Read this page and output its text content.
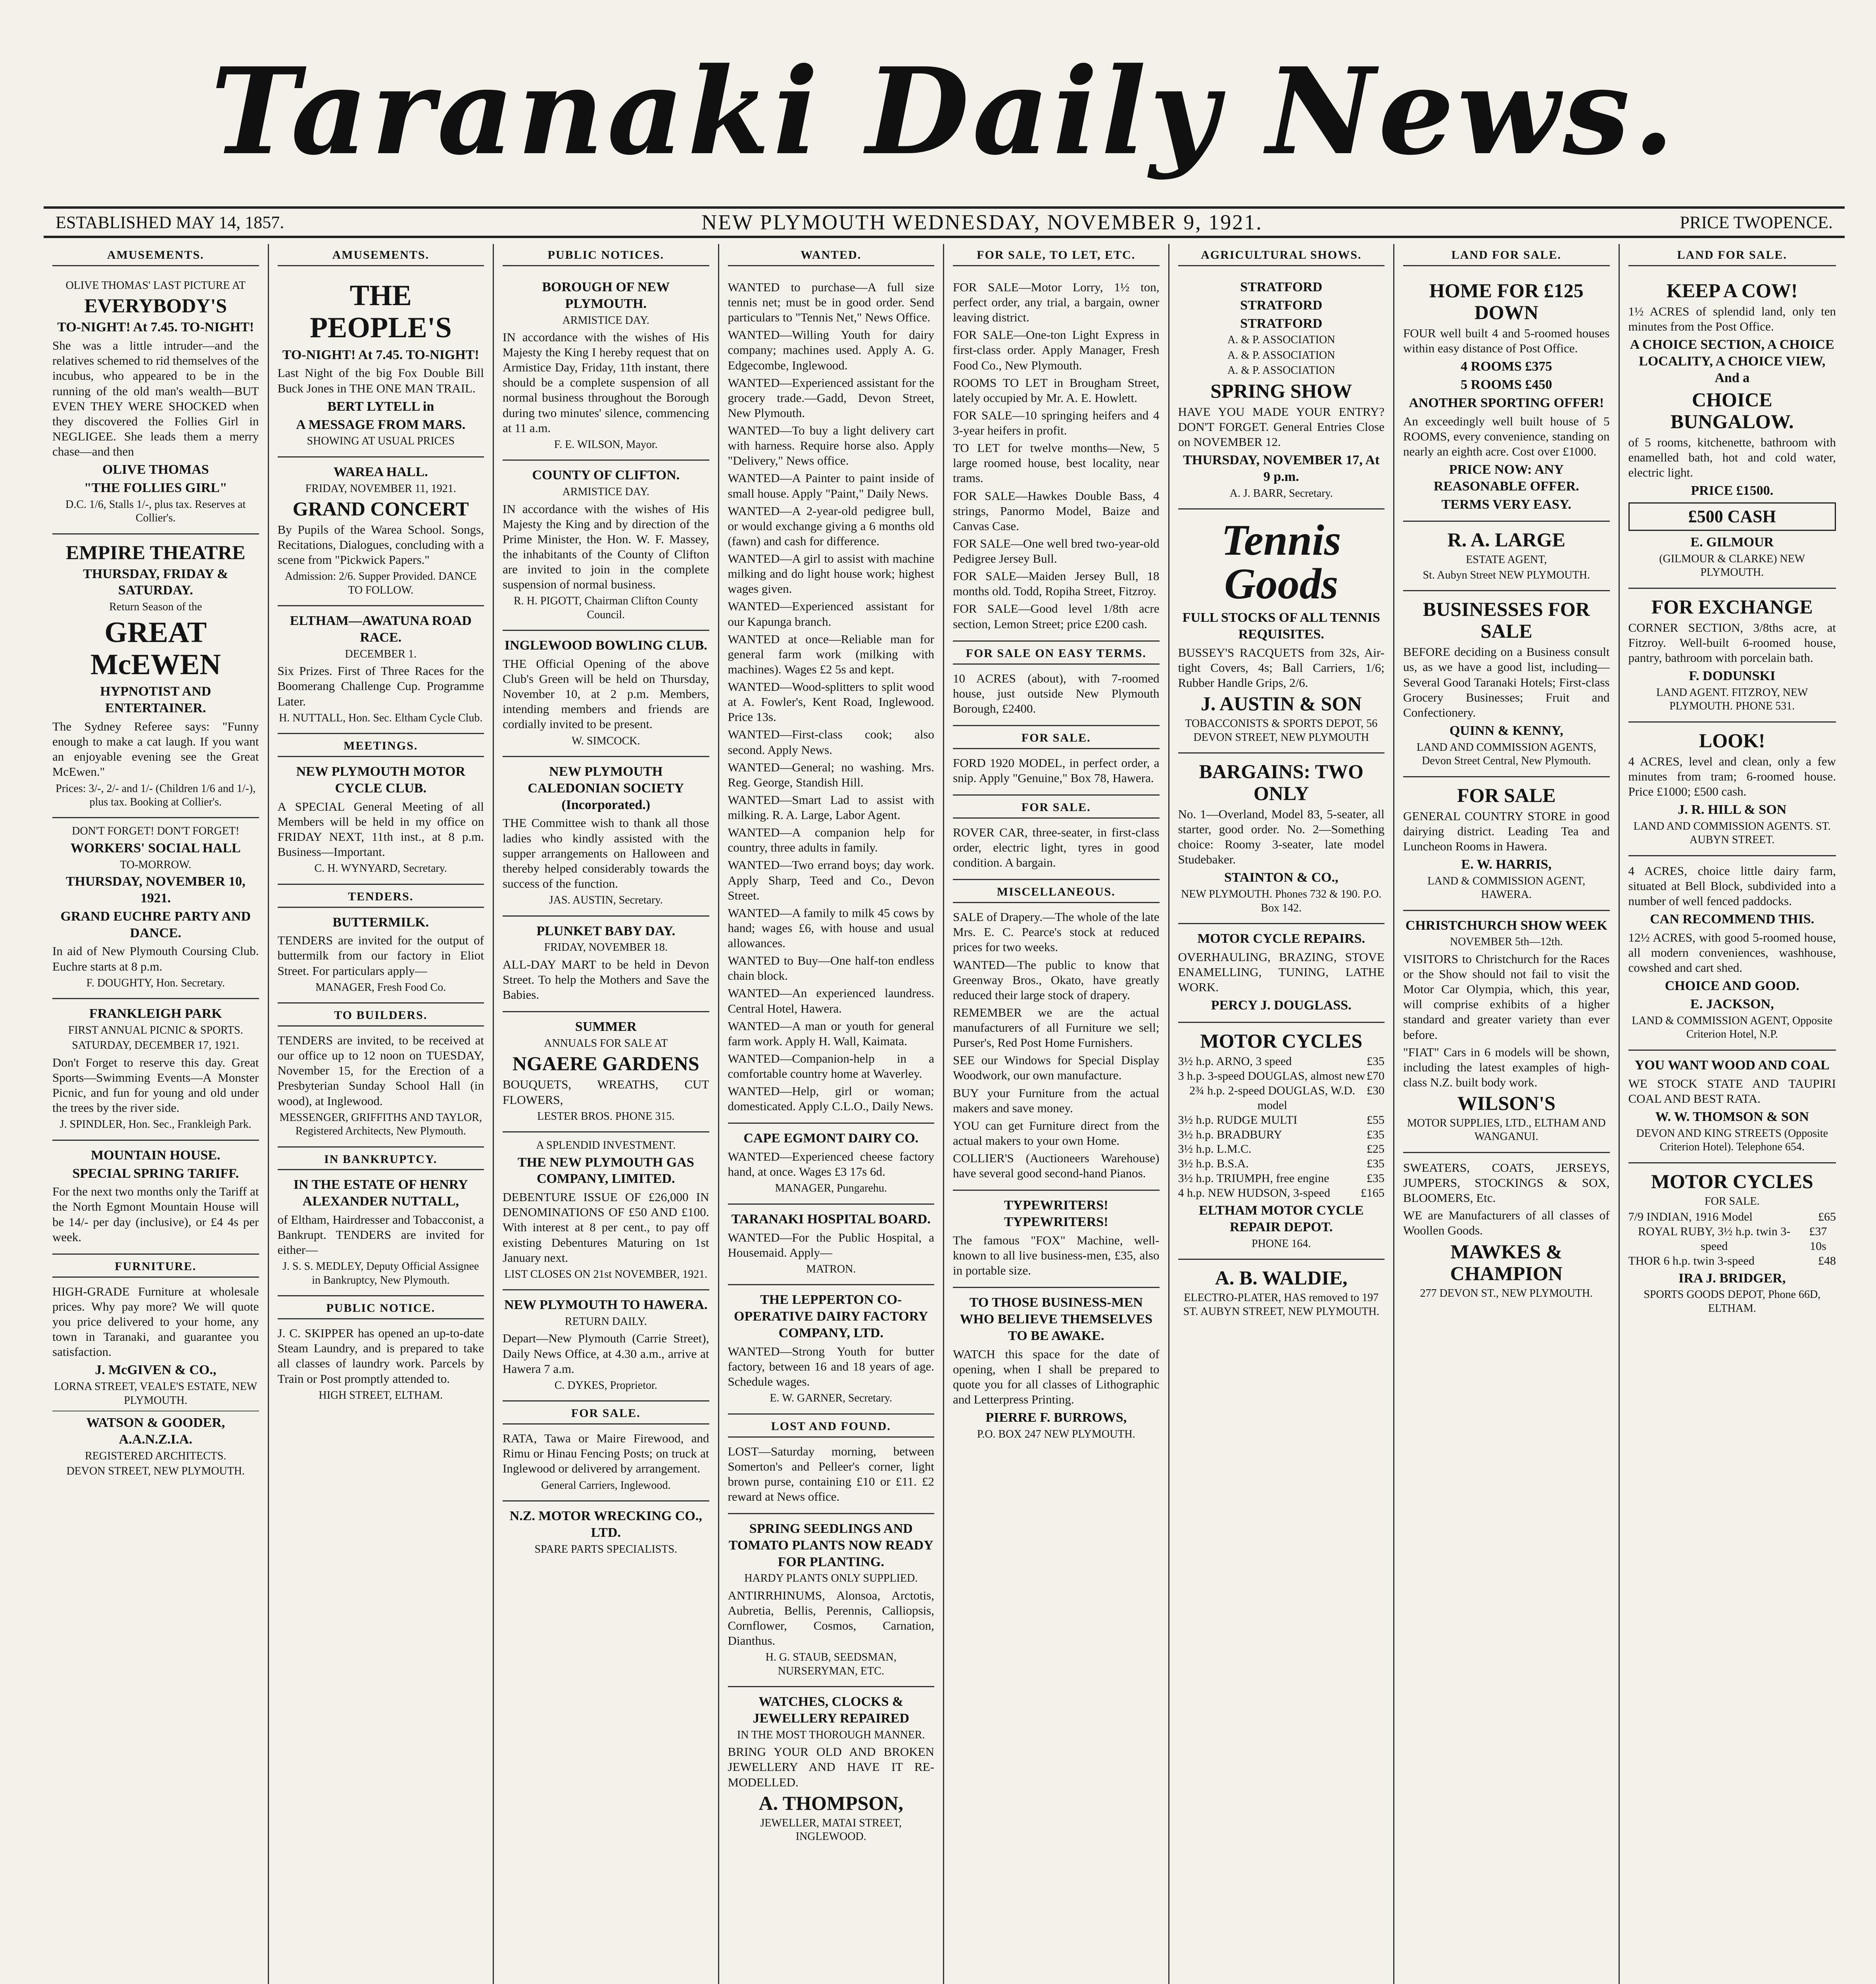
Taranaki Daily News.
ESTABLISHED MAY 14, 1857.	NEW PLYMOUTH WEDNESDAY, NOVEMBER 9, 1921.	PRICE TWOPENCE.
AMUSEMENTS.
OLIVE THOMAS' LAST PICTURE AT
EVERYBODY'S
TO-NIGHT! At 7.45. TO-NIGHT!
She was a little intruder—and the relatives schemed to rid themselves of the incubus, who appeared to be in the running of the old man's wealth—BUT EVEN THEY WERE SHOCKED when they discovered the Follies Girl in NEGLIGEE. She leads them a merry chase—and then
OLIVE THOMAS
"THE FOLLIES GIRL"
D.C. 1/6, Stalls 1/-, plus tax. Reserves at Collier's.
EMPIRE THEATRE
THURSDAY, FRIDAY & SATURDAY.
Return Season of the
GREAT McEWEN
HYPNOTIST AND ENTERTAINER.
The Sydney Referee says: "Funny enough to make a cat laugh. If you want an enjoyable evening see the Great McEwen."
Prices: 3/-, 2/- and 1/- (Children 1/6 and 1/-), plus tax. Booking at Collier's.
DON'T FORGET! DON'T FORGET!
WORKERS' SOCIAL HALL
TO-MORROW.
THURSDAY, NOVEMBER 10, 1921.
GRAND EUCHRE PARTY AND DANCE.
In aid of New Plymouth Coursing Club. Euchre starts at 8 p.m.
F. DOUGHTY, Hon. Secretary.
FRANKLEIGH PARK
FIRST ANNUAL PICNIC & SPORTS.
SATURDAY, DECEMBER 17, 1921.
Don't Forget to reserve this day. Great Sports—Swimming Events—A Monster Picnic, and fun for young and old under the trees by the river side.
J. SPINDLER, Hon. Sec., Frankleigh Park.
MOUNTAIN HOUSE.
SPECIAL SPRING TARIFF.
For the next two months only the Tariff at the North Egmont Mountain House will be 14/- per day (inclusive), or £4 4s per week.
FURNITURE.
HIGH-GRADE Furniture at wholesale prices. Why pay more? We will quote you price delivered to your home, any town in Taranaki, and guarantee you satisfaction.
J. McGIVEN & CO.,
LORNA STREET, VEALE'S ESTATE, NEW PLYMOUTH.
WATSON & GOODER, A.A.N.Z.I.A.
REGISTERED ARCHITECTS.
DEVON STREET, NEW PLYMOUTH.
AMUSEMENTS.
THE PEOPLE'S
TO-NIGHT! At 7.45. TO-NIGHT!
Last Night of the big Fox Double Bill Buck Jones in THE ONE MAN TRAIL.
BERT LYTELL in
A MESSAGE FROM MARS.
SHOWING AT USUAL PRICES
WAREA HALL.
FRIDAY, NOVEMBER 11, 1921.
GRAND CONCERT
By Pupils of the Warea School. Songs, Recitations, Dialogues, concluding with a scene from "Pickwick Papers."
Admission: 2/6. Supper Provided. DANCE TO FOLLOW.
ELTHAM—AWATUNA ROAD RACE.
DECEMBER 1.
Six Prizes. First of Three Races for the Boomerang Challenge Cup. Programme Later.
H. NUTTALL, Hon. Sec. Eltham Cycle Club.
MEETINGS.
NEW PLYMOUTH MOTOR CYCLE CLUB.
A SPECIAL General Meeting of all Members will be held in my office on FRIDAY NEXT, 11th inst., at 8 p.m. Business—Important.
C. H. WYNYARD, Secretary.
TENDERS.
BUTTERMILK.
TENDERS are invited for the output of buttermilk from our factory in Eliot Street. For particulars apply—
MANAGER, Fresh Food Co.
TO BUILDERS.
TENDERS are invited, to be received at our office up to 12 noon on TUESDAY, November 15, for the Erection of a Presbyterian Sunday School Hall (in wood), at Inglewood.
MESSENGER, GRIFFITHS AND TAYLOR, Registered Architects, New Plymouth.
IN BANKRUPTCY.
IN THE ESTATE OF HENRY ALEXANDER NUTTALL,
of Eltham, Hairdresser and Tobacconist, a Bankrupt. TENDERS are invited for either—
J. S. S. MEDLEY, Deputy Official Assignee in Bankruptcy, New Plymouth.
PUBLIC NOTICE.
J. C. SKIPPER has opened an up-to-date Steam Laundry, and is prepared to take all classes of laundry work. Parcels by Train or Post promptly attended to.
HIGH STREET, ELTHAM.
PUBLIC NOTICES.
BOROUGH OF NEW PLYMOUTH.
ARMISTICE DAY.
IN accordance with the wishes of His Majesty the King I hereby request that on Armistice Day, Friday, 11th instant, there should be a complete suspension of all normal business throughout the Borough during two minutes' silence, commencing at 11 a.m.
F. E. WILSON, Mayor.
COUNTY OF CLIFTON.
ARMISTICE DAY.
IN accordance with the wishes of His Majesty the King and by direction of the Prime Minister, the Hon. W. F. Massey, the inhabitants of the County of Clifton are invited to join in the complete suspension of normal business.
R. H. PIGOTT, Chairman Clifton County Council.
INGLEWOOD BOWLING CLUB.
THE Official Opening of the above Club's Green will be held on Thursday, November 10, at 2 p.m. Members, intending members and friends are cordially invited to be present.
W. SIMCOCK.
NEW PLYMOUTH CALEDONIAN SOCIETY (Incorporated.)
THE Committee wish to thank all those ladies who kindly assisted with the supper arrangements on Halloween and thereby helped considerably towards the success of the function.
JAS. AUSTIN, Secretary.
PLUNKET BABY DAY.
FRIDAY, NOVEMBER 18.
ALL-DAY MART to be held in Devon Street. To help the Mothers and Save the Babies.
SUMMER
ANNUALS FOR SALE AT
NGAERE GARDENS
BOUQUETS, WREATHS, CUT FLOWERS,
LESTER BROS. PHONE 315.
A SPLENDID INVESTMENT.
THE NEW PLYMOUTH GAS COMPANY, LIMITED.
DEBENTURE ISSUE OF £26,000 IN DENOMINATIONS OF £50 AND £100. With interest at 8 per cent., to pay off existing Debentures Maturing on 1st January next.
LIST CLOSES ON 21st NOVEMBER, 1921.
NEW PLYMOUTH TO HAWERA.
RETURN DAILY.
Depart—New Plymouth (Carrie Street), Daily News Office, at 4.30 a.m., arrive at Hawera 7 a.m.
C. DYKES, Proprietor.
FOR SALE.
RATA, Tawa or Maire Firewood, and Rimu or Hinau Fencing Posts; on truck at Inglewood or delivered by arrangement.
General Carriers, Inglewood.
N.Z. MOTOR WRECKING CO., LTD.
SPARE PARTS SPECIALISTS.
WANTED.
WANTED to purchase—A full size tennis net; must be in good order. Send particulars to "Tennis Net," News Office.
WANTED—Willing Youth for dairy company; machines used. Apply A. G. Edgecombe, Inglewood.
WANTED—Experienced assistant for the grocery trade.—Gadd, Devon Street, New Plymouth.
WANTED—To buy a light delivery cart with harness. Require horse also. Apply "Delivery," News office.
WANTED—A Painter to paint inside of small house. Apply "Paint," Daily News.
WANTED—A 2-year-old pedigree bull, or would exchange giving a 6 months old (fawn) and cash for difference.
WANTED—A girl to assist with machine milking and do light house work; highest wages given.
WANTED—Experienced assistant for our Kapunga branch.
WANTED at once—Reliable man for general farm work (milking with machines). Wages £2 5s and kept.
WANTED—Wood-splitters to split wood at A. Fowler's, Kent Road, Inglewood. Price 13s.
WANTED—First-class cook; also second. Apply News.
WANTED—General; no washing. Mrs. Reg. George, Standish Hill.
WANTED—Smart Lad to assist with milking. R. A. Large, Labor Agent.
WANTED—A companion help for country, three adults in family.
WANTED—Two errand boys; day work. Apply Sharp, Teed and Co., Devon Street.
WANTED—A family to milk 45 cows by hand; wages £6, with house and usual allowances.
WANTED to Buy—One half-ton endless chain block.
WANTED—An experienced laundress. Central Hotel, Hawera.
WANTED—A man or youth for general farm work. Apply H. Wall, Kaimata.
WANTED—Companion-help in a comfortable country home at Waverley.
WANTED—Help, girl or woman; domesticated. Apply C.L.O., Daily News.
CAPE EGMONT DAIRY CO.
WANTED—Experienced cheese factory hand, at once. Wages £3 17s 6d.
MANAGER, Pungarehu.
TARANAKI HOSPITAL BOARD.
WANTED—For the Public Hospital, a Housemaid. Apply—
MATRON.
THE LEPPERTON CO-OPERATIVE DAIRY FACTORY COMPANY, LTD.
WANTED—Strong Youth for butter factory, between 16 and 18 years of age. Schedule wages.
E. W. GARNER, Secretary.
LOST AND FOUND.
LOST—Saturday morning, between Somerton's and Pelleer's corner, light brown purse, containing £10 or £11. £2 reward at News office.
SPRING SEEDLINGS AND TOMATO PLANTS NOW READY FOR PLANTING.
HARDY PLANTS ONLY SUPPLIED.
ANTIRRHINUMS, Alonsoa, Arctotis, Aubretia, Bellis, Perennis, Calliopsis, Cornflower, Cosmos, Carnation, Dianthus.
H. G. STAUB, SEEDSMAN, NURSERYMAN, ETC.
WATCHES, CLOCKS & JEWELLERY REPAIRED
IN THE MOST THOROUGH MANNER.
BRING YOUR OLD AND BROKEN JEWELLERY AND HAVE IT RE-MODELLED.
A. THOMPSON,
JEWELLER, MATAI STREET, INGLEWOOD.
FOR SALE, TO LET, ETC.
FOR SALE—Motor Lorry, 1½ ton, perfect order, any trial, a bargain, owner leaving district.
FOR SALE—One-ton Light Express in first-class order. Apply Manager, Fresh Food Co., New Plymouth.
ROOMS TO LET in Brougham Street, lately occupied by Mr. A. E. Howlett.
FOR SALE—10 springing heifers and 4 3-year heifers in profit.
TO LET for twelve months—New, 5 large roomed house, best locality, near trams.
FOR SALE—Hawkes Double Bass, 4 strings, Panormo Model, Baize and Canvas Case.
FOR SALE—One well bred two-year-old Pedigree Jersey Bull.
FOR SALE—Maiden Jersey Bull, 18 months old. Todd, Ropiha Street, Fitzroy.
FOR SALE—Good level 1/8th acre section, Lemon Street; price £200 cash.
FOR SALE ON EASY TERMS.
10 ACRES (about), with 7-roomed house, just outside New Plymouth Borough, £2400.
FOR SALE.
FORD 1920 MODEL, in perfect order, a snip. Apply "Genuine," Box 78, Hawera.
FOR SALE.
ROVER CAR, three-seater, in first-class order, electric light, tyres in good condition. A bargain.
MISCELLANEOUS.
SALE of Drapery.—The whole of the late Mrs. E. C. Pearce's stock at reduced prices for two weeks.
WANTED—The public to know that Greenway Bros., Okato, have greatly reduced their large stock of drapery.
REMEMBER we are the actual manufacturers of all Furniture we sell; Purser's, Red Post Home Furnishers.
SEE our Windows for Special Display Woodwork, our own manufacture.
BUY your Furniture from the actual makers and save money.
YOU can get Furniture direct from the actual makers to your own Home.
COLLIER'S (Auctioneers Warehouse) have several good second-hand Pianos.
TYPEWRITERS! TYPEWRITERS!
The famous "FOX" Machine, well-known to all live business-men, £35, also in portable size.
TO THOSE BUSINESS-MEN WHO BELIEVE THEMSELVES TO BE AWAKE.
WATCH this space for the date of opening, when I shall be prepared to quote you for all classes of Lithographic and Letterpress Printing.
PIERRE F. BURROWS,
P.O. BOX 247 NEW PLYMOUTH.
AGRICULTURAL SHOWS.
STRATFORD
STRATFORD
STRATFORD
A. & P. ASSOCIATION
A. & P. ASSOCIATION
A. & P. ASSOCIATION
SPRING SHOW
HAVE YOU MADE YOUR ENTRY? DON'T FORGET. General Entries Close on NOVEMBER 12.
THURSDAY, NOVEMBER 17, At 9 p.m.
A. J. BARR, Secretary.
Tennis Goods
FULL STOCKS OF ALL TENNIS REQUISITES.
BUSSEY'S RACQUETS from 32s, Air-tight Covers, 4s; Ball Carriers, 1/6; Rubber Handle Grips, 2/6.
J. AUSTIN & SON
TOBACCONISTS & SPORTS DEPOT, 56 DEVON STREET, NEW PLYMOUTH
BARGAINS: TWO ONLY
No. 1—Overland, Model 83, 5-seater, all starter, good order. No. 2—Something choice: Roomy 3-seater, late model Studebaker.
STAINTON & CO.,
NEW PLYMOUTH. Phones 732 & 190. P.O. Box 142.
MOTOR CYCLE REPAIRS.
OVERHAULING, BRAZING, STOVE ENAMELLING, TUNING, LATHE WORK.
PERCY J. DOUGLASS.
MOTOR CYCLES
3½ h.p. ARNO, 3 speed	£35
3 h.p. 3-speed DOUGLAS, almost new £70
2¾ h.p. 2-speed DOUGLAS, W.D. model
£30
3½ h.p. RUDGE MULTI	£55
3½ h.p. BRADBURY	£35
3½ h.p. L.M.C.	£25
3½ h.p. B.S.A.	£35
3½ h.p. TRIUMPH, free engine	£35
4 h.p. NEW HUDSON, 3-speed	£165
ELTHAM MOTOR CYCLE REPAIR DEPOT.
PHONE 164.
A. B. WALDIE,
ELECTRO-PLATER, HAS removed to 197 ST. AUBYN STREET, NEW PLYMOUTH.
LAND FOR SALE.
HOME FOR £125 DOWN
FOUR well built 4 and 5-roomed houses within easy distance of Post Office.
4 ROOMS £375
5 ROOMS £450
ANOTHER SPORTING OFFER!
An exceedingly well built house of 5 ROOMS, every convenience, standing on nearly an eighth acre. Cost over £1000.
PRICE NOW: ANY REASONABLE OFFER.
TERMS VERY EASY.
R. A. LARGE
ESTATE AGENT,
St. Aubyn Street NEW PLYMOUTH.
BUSINESSES FOR SALE
BEFORE deciding on a Business consult us, as we have a good list, including—Several Good Taranaki Hotels; First-class Grocery Businesses; Fruit and Confectionery.
QUINN & KENNY,
LAND AND COMMISSION AGENTS, Devon Street Central, New Plymouth.
FOR SALE
GENERAL COUNTRY STORE in good dairying district. Leading Tea and Luncheon Rooms in Hawera.
E. W. HARRIS,
LAND & COMMISSION AGENT, HAWERA.
CHRISTCHURCH SHOW WEEK
NOVEMBER 5th—12th.
VISITORS to Christchurch for the Races or the Show should not fail to visit the Motor Car Olympia, which, this year, will comprise exhibits of a higher standard and greater variety than ever before.
"FIAT" Cars in 6 models will be shown, including the latest examples of high-class N.Z. built body work.
WILSON'S
MOTOR SUPPLIES, LTD., ELTHAM AND WANGANUI.
SWEATERS, COATS, JERSEYS, JUMPERS, STOCKINGS & SOX, BLOOMERS, Etc.
WE are Manufacturers of all classes of Woollen Goods.
MAWKES & CHAMPION
277 DEVON ST., NEW PLYMOUTH.
LAND FOR SALE.
KEEP A COW!
1½ ACRES of splendid land, only ten minutes from the Post Office.
A CHOICE SECTION, A CHOICE LOCALITY, A CHOICE VIEW, And a
CHOICE BUNGALOW.
of 5 rooms, kitchenette, bathroom with enamelled bath, hot and cold water, electric light.
PRICE £1500.
£500 CASH
E. GILMOUR
(GILMOUR & CLARKE) NEW PLYMOUTH.
FOR EXCHANGE
CORNER SECTION, 3/8ths acre, at Fitzroy. Well-built 6-roomed house, pantry, bathroom with porcelain bath.
F. DODUNSKI
LAND AGENT. FITZROY, NEW PLYMOUTH. PHONE 531.
LOOK!
4 ACRES, level and clean, only a few minutes from tram; 6-roomed house. Price £1000; £500 cash.
J. R. HILL & SON
LAND AND COMMISSION AGENTS. ST. AUBYN STREET.
4 ACRES, choice little dairy farm, situated at Bell Block, subdivided into a number of well fenced paddocks.
CAN RECOMMEND THIS.
12½ ACRES, with good 5-roomed house, all modern conveniences, washhouse, cowshed and cart shed.
CHOICE AND GOOD.
E. JACKSON,
LAND & COMMISSION AGENT, Opposite Criterion Hotel, N.P.
YOU WANT WOOD AND COAL
WE STOCK STATE AND TAUPIRI COAL AND BEST RATA.
W. W. THOMSON & SON
DEVON AND KING STREETS (Opposite Criterion Hotel). Telephone 654.
MOTOR CYCLES
FOR SALE.
7/9 INDIAN, 1916 Model	£65
ROYAL RUBY, 3½ h.p. twin 3-speed
£37 10s
THOR 6 h.p. twin 3-speed	£48
IRA J. BRIDGER,
SPORTS GOODS DEPOT, Phone 66D, ELTHAM.
